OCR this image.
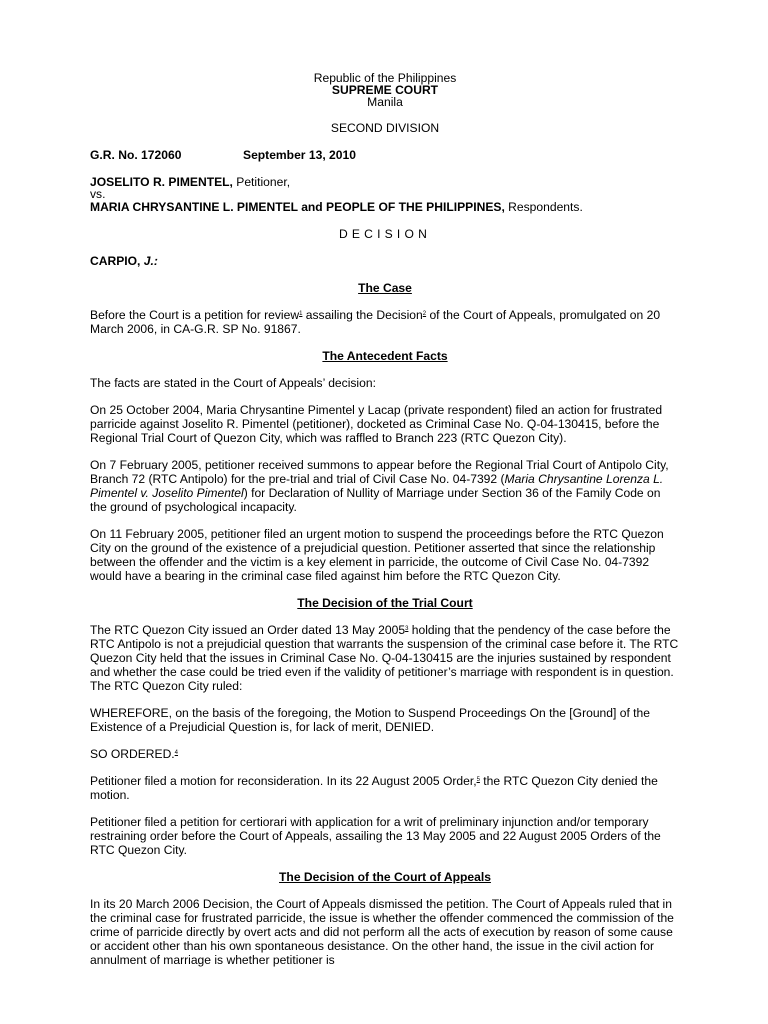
Republic of the Philippines
SUPREME COURT
Manila
SECOND DIVISION
G.R. No. 172060	September 13, 2010
JOSELITO R. PIMENTEL, Petitioner,
vs.
MARIA CHRYSANTINE L. PIMENTEL and PEOPLE OF THE PHILIPPINES, Respondents.
DECISION
CARPIO, J.:
The Case

Before the Court is a petition for review$^1$ assailing the Decision$^2$ of the Court of Appeals, promulgated on 20 March 2006, in CA-G.R. SP No. 91867.

The Antecedent Facts

The facts are stated in the Court of Appeals’ decision:

On 25 October 2004, Maria Chrysantine Pimentel y Lacap (private respondent) filed an action for frustrated parricide against Joselito R. Pimentel (petitioner), docketed as Criminal Case No. Q-04-130415, before the Regional Trial Court of Quezon City, which was raffled to Branch 223 (RTC Quezon City).

On 7 February 2005, petitioner received summons to appear before the Regional Trial Court of Antipolo City, Branch 72 (RTC Antipolo) for the pre-trial and trial of Civil Case No. 04-7392 (Maria Chrysantine Lorenza L. Pimentel v. Joselito Pimentel) for Declaration of Nullity of Marriage under Section 36 of the Family Code on the ground of psychological incapacity.

On 11 February 2005, petitioner filed an urgent motion to suspend the proceedings before the RTC Quezon City on the ground of the existence of a prejudicial question. Petitioner asserted that since the relationship between the offender and the victim is a key element in parricide, the outcome of Civil Case No. 04-7392 would have a bearing in the criminal case filed against him before the RTC Quezon City.

The Decision of the Trial Court

The RTC Quezon City issued an Order dated 13 May 2005$^3$ holding that the pendency of the case before the RTC Antipolo is not a prejudicial question that warrants the suspension of the criminal case before it. The RTC Quezon City held that the issues in Criminal Case No. Q-04-130415 are the injuries sustained by respondent and whether the case could be tried even if the validity of petitioner’s marriage with respondent is in question. The RTC Quezon City ruled:

WHEREFORE, on the basis of the foregoing, the Motion to Suspend Proceedings On the [Ground] of the Existence of a Prejudicial Question is, for lack of merit, DENIED.

SO ORDERED.$^4$

Petitioner filed a motion for reconsideration. In its 22 August 2005 Order,$^5$ the RTC Quezon City denied the motion.

Petitioner filed a petition for certiorari with application for a writ of preliminary injunction and/or temporary restraining order before the Court of Appeals, assailing the 13 May 2005 and 22 August 2005 Orders of the RTC Quezon City.

The Decision of the Court of Appeals

In its 20 March 2006 Decision, the Court of Appeals dismissed the petition. The Court of Appeals ruled that in the criminal case for frustrated parricide, the issue is whether the offender commenced the commission of the crime of parricide directly by overt acts and did not perform all the acts of execution by reason of some cause or accident other than his own spontaneous desistance. On the other hand, the issue in the civil action for annulment of marriage is whether petitioner is
